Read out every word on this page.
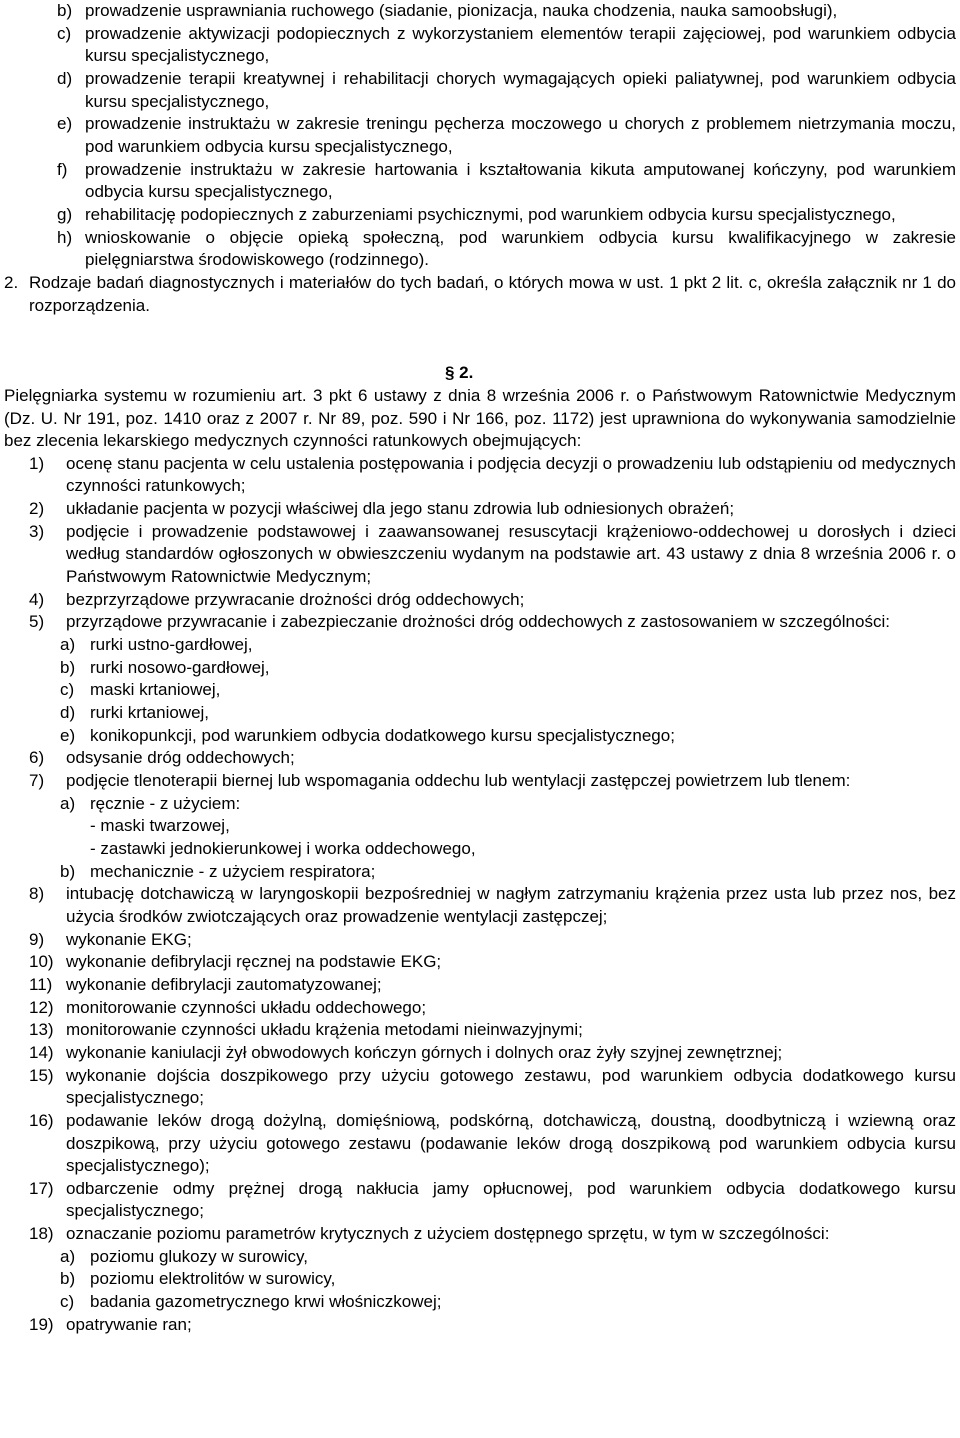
b) prowadzenie usprawniania ruchowego (siadanie, pionizacja, nauka chodzenia, nauka samoobsługi),
c) prowadzenie aktywizacji podopiecznych z wykorzystaniem elementów terapii zajęciowej, pod warunkiem odbycia kursu specjalistycznego,
d) prowadzenie terapii kreatywnej i rehabilitacji chorych wymagających opieki paliatywnej, pod warunkiem odbycia kursu specjalistycznego,
e) prowadzenie instruktażu w zakresie treningu pęcherza moczowego u chorych z problemem nietrzymania moczu, pod warunkiem odbycia kursu specjalistycznego,
f) prowadzenie instruktażu w zakresie hartowania i kształtowania kikuta amputowanej kończyny, pod warunkiem odbycia kursu specjalistycznego,
g) rehabilitację podopiecznych z zaburzeniami psychicznymi, pod warunkiem odbycia kursu specjalistycznego,
h) wnioskowanie o objęcie opieką społeczną, pod warunkiem odbycia kursu kwalifikacyjnego w zakresie pielęgniarstwa środowiskowego (rodzinnego).
2. Rodzaje badań diagnostycznych i materiałów do tych badań, o których mowa w ust. 1 pkt 2 lit. c, określa załącznik nr 1 do rozporządzenia.

§ 2.

Pielęgniarka systemu w rozumieniu art. 3 pkt 6 ustawy z dnia 8 września 2006 r. o Państwowym Ratownictwie Medycznym (Dz. U. Nr 191, poz. 1410 oraz z 2007 r. Nr 89, poz. 590 i Nr 166, poz. 1172) jest uprawniona do wykonywania samodzielnie bez zlecenia lekarskiego medycznych czynności ratunkowych obejmujących:

1) ocenę stanu pacjenta w celu ustalenia postępowania i podjęcia decyzji o prowadzeniu lub odstąpieniu od medycznych czynności ratunkowych;
2) układanie pacjenta w pozycji właściwej dla jego stanu zdrowia lub odniesionych obrażeń;
3) podjęcie i prowadzenie podstawowej i zaawansowanej resuscytacji krążeniowo-oddechowej u dorosłych i dzieci według standardów ogłoszonych w obwieszczeniu wydanym na podstawie art. 43 ustawy z dnia 8 września 2006 r. o Państwowym Ratownictwie Medycznym;
4) bezprzyrządowe przywracanie drożności dróg oddechowych;
5) przyrządowe przywracanie i zabezpieczanie drożności dróg oddechowych z zastosowaniem w szczególności:
a) rurki ustno-gardłowej,
b) rurki nosowo-gardłowej,
c) maski krtaniowej,
d) rurki krtaniowej,
e) konikopunkcji, pod warunkiem odbycia dodatkowego kursu specjalistycznego;
6) odsysanie dróg oddechowych;
7) podjęcie tlenoterapii biernej lub wspomagania oddechu lub wentylacji zastępczej powietrzem lub tlenem:
a) ręcznie - z użyciem:

- maski twarzowej,

- zastawki jednokierunkowej i worka oddechowego,

b) mechanicznie - z użyciem respiratora;
8) intubację dotchawiczą w laryngoskopii bezpośredniej w nagłym zatrzymaniu krążenia przez usta lub przez nos, bez użycia środków zwiotczających oraz prowadzenie wentylacji zastępczej;
9) wykonanie EKG;
10) wykonanie defibrylacji ręcznej na podstawie EKG;
11) wykonanie defibrylacji zautomatyzowanej;
12) monitorowanie czynności układu oddechowego;
13) monitorowanie czynności układu krążenia metodami nieinwazyjnymi;
14) wykonanie kaniulacji żył obwodowych kończyn górnych i dolnych oraz żyły szyjnej zewnętrznej;
15) wykonanie dojścia doszpikowego przy użyciu gotowego zestawu, pod warunkiem odbycia dodatkowego kursu specjalistycznego;
16) podawanie leków drogą dożylną, domięśniową, podskórną, dotchawiczą, doustną, doodbytniczą i wziewną oraz doszpikową, przy użyciu gotowego zestawu (podawanie leków drogą doszpikową pod warunkiem odbycia kursu specjalistycznego);
17) odbarczenie odmy prężnej drogą nakłucia jamy opłucnowej, pod warunkiem odbycia dodatkowego kursu specjalistycznego;
18) oznaczanie poziomu parametrów krytycznych z użyciem dostępnego sprzętu, w tym w szczególności:
a) poziomu glukozy w surowicy,
b) poziomu elektrolitów w surowicy,
c) badania gazometrycznego krwi włośniczkowej;
19) opatrywanie ran;
